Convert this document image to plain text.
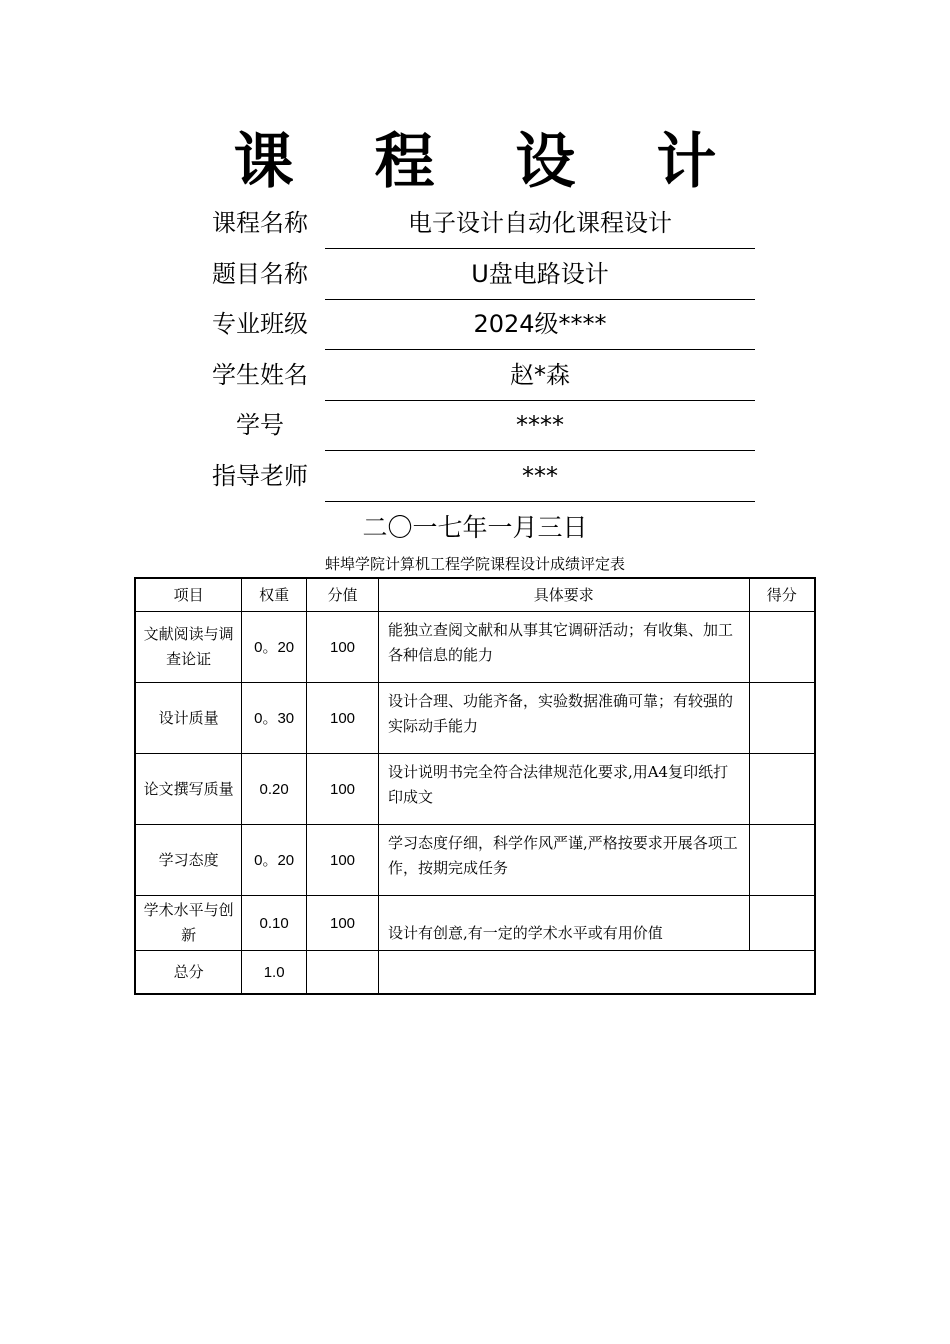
课 程 设 计
课程名称	电子设计自动化课程设计
题目名称	U盘电路设计
专业班级	2024级****
学生姓名	赵*森
学号	****
指导老师	***
二〇一七年一月三日
蚌埠学院计算机工程学院课程设计成绩评定表
项目	权重	分值	具体要求	得分
文献阅读与调查论证	0。20	100	能独立查阅文献和从事其它调研活动；有收集、加工各种信息的能力	
设计质量	0。30	100	设计合理、功能齐备，实验数据准确可靠；有较强的实际动手能力	
论文撰写质量	0.20	100	设计说明书完全符合法律规范化要求,用A4复印纸打印成文	
学习态度	0。20	100	学习态度仔细，科学作风严谨,严格按要求开展各项工作，按期完成任务	
学术水平与创新	0.10	100	设计有创意,有一定的学术水平或有用价值	
总分	1.0			
